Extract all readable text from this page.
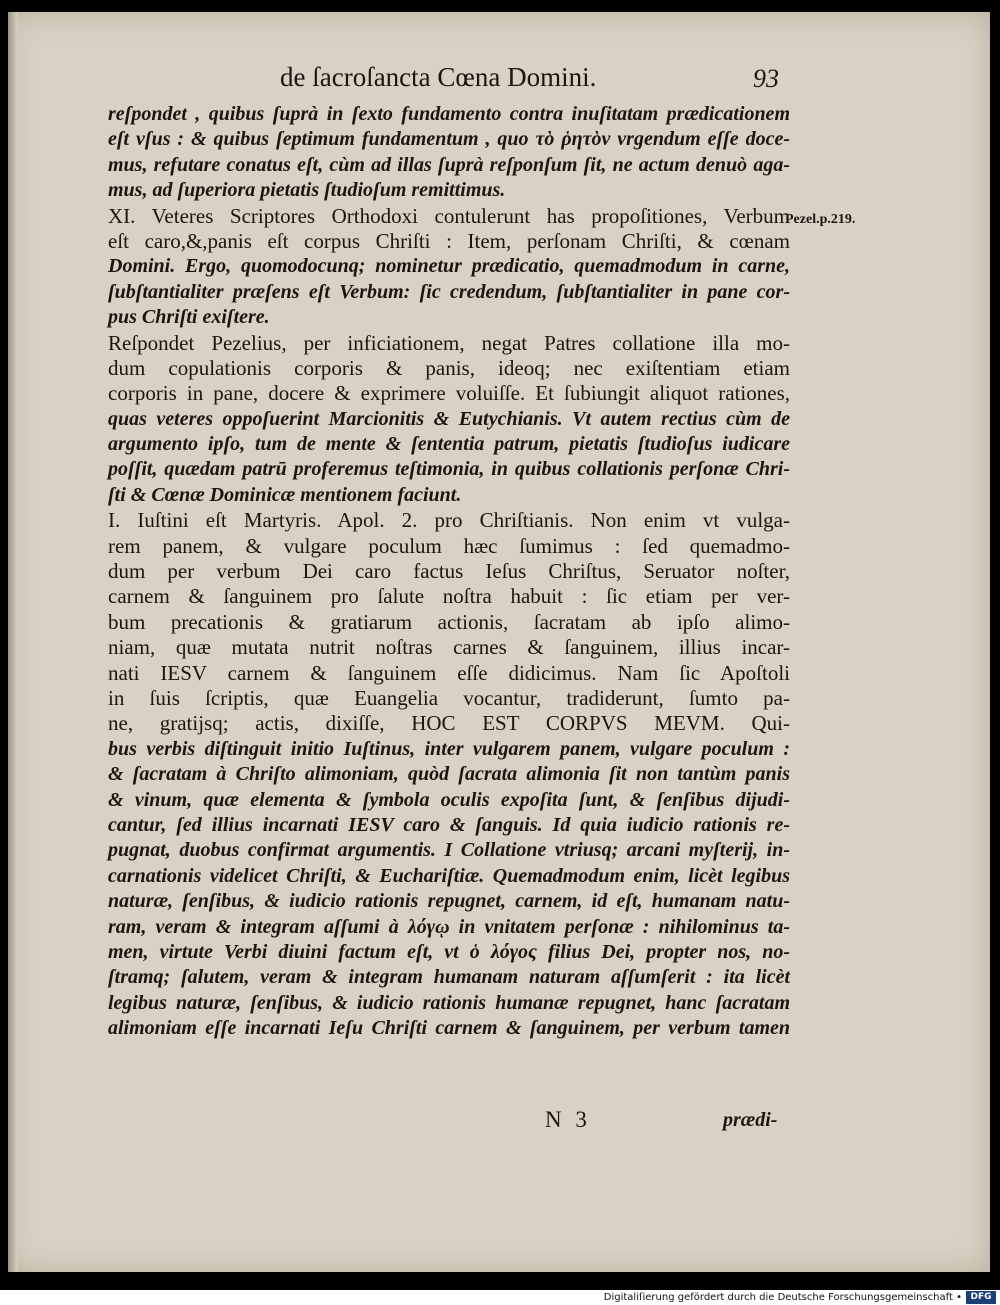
de ſacroſancta Cœna Domini.	93
reſpondet , quibus ſuprà in ſexto fundamento contra inuſitatam prædicationem
eſt vſus : & quibus ſeptimum fundamentum , quo τὸ ῥητὸν vrgendum eſſe doce-
mus, refutare conatus eſt, cùm ad illas ſuprà reſponſum ſit, ne actum denuò aga-
mus, ad ſuperiora pietatis ſtudioſum remittimus.
XI. Veteres Scriptores Orthodoxi contulerunt has propoſitiones, Verbum
eſt caro,&,panis eſt corpus Chriſti : Item, perſonam Chriſti, & cœnam
Domini. Ergo, quomodocunq; nominetur prædicatio, quemadmodum in carne,
ſubſtantialiter præſens eſt Verbum: ſic credendum, ſubſtantialiter in pane cor-
pus Chriſti exiſtere.
Reſpondet Pezelius, per inficiationem, negat Patres collatione illa mo-
dum copulationis corporis & panis, ideoq; nec exiſtentiam etiam
corporis in pane, docere & exprimere voluiſſe. Et ſubiungit aliquot rationes,
quas veteres oppoſuerint Marcionitis & Eutychianis. Vt autem rectius cùm de
argumento ipſo, tum de mente & ſententia patrum, pietatis ſtudioſus iudicare
poſſit, quædam patrū proferemus teſtimonia, in quibus collationis perſonæ Chri-
ſti & Cœnæ Dominicæ mentionem faciunt.
I. Iuſtini eſt Martyris. Apol. 2. pro Chriſtianis. Non enim vt vulga-
rem panem, & vulgare poculum hæc ſumimus : ſed quemadmo-
dum per verbum Dei caro factus Ieſus Chriſtus, Seruator noſter,
carnem & ſanguinem pro ſalute noſtra habuit : ſic etiam per ver-
bum precationis & gratiarum actionis, ſacratam ab ipſo alimo-
niam, quæ mutata nutrit noſtras carnes & ſanguinem, illius incar-
nati IESV carnem & ſanguinem eſſe didicimus. Nam ſic Apoſtoli
in ſuis ſcriptis, quæ Euangelia vocantur, tradiderunt, ſumto pa-
ne, gratijsq; actis, dixiſſe, HOC EST CORPVS MEVM. Qui-
bus verbis diſtinguit initio Iuſtinus, inter vulgarem panem, vulgare poculum :
& ſacratam à Chriſto alimoniam, quòd ſacrata alimonia ſit non tantùm panis
& vinum, quæ elementa & ſymbola oculis expoſita ſunt, & ſenſibus dijudi-
cantur, ſed illius incarnati IESV caro & ſanguis. Id quia iudicio rationis re-
pugnat, duobus confirmat argumentis. I Collatione vtriusq; arcani myſterij, in-
carnationis videlicet Chriſti, & Euchariſtiæ. Quemadmodum enim, licèt legibus
naturæ, ſenſibus, & iudicio rationis repugnet, carnem, id eſt, humanam natu-
ram, veram & integram aſſumi à λόγῳ in vnitatem perſonæ : nihilominus ta-
men, virtute Verbi diuini factum eſt, vt ὁ λόγος filius Dei, propter nos, no-
ſtramq; ſalutem, veram & integram humanam naturam aſſumſerit : ita licèt
legibus naturæ, ſenſibus, & iudicio rationis humanæ repugnet, hanc ſacratam
alimoniam eſſe incarnati Ieſu Chriſti carnem & ſanguinem, per verbum tamen
Pezel.p.219.
N 3	prædi-
Digitaliſierung gefördert durch die Deutsche Forschungsgemeinschaft • DFG
